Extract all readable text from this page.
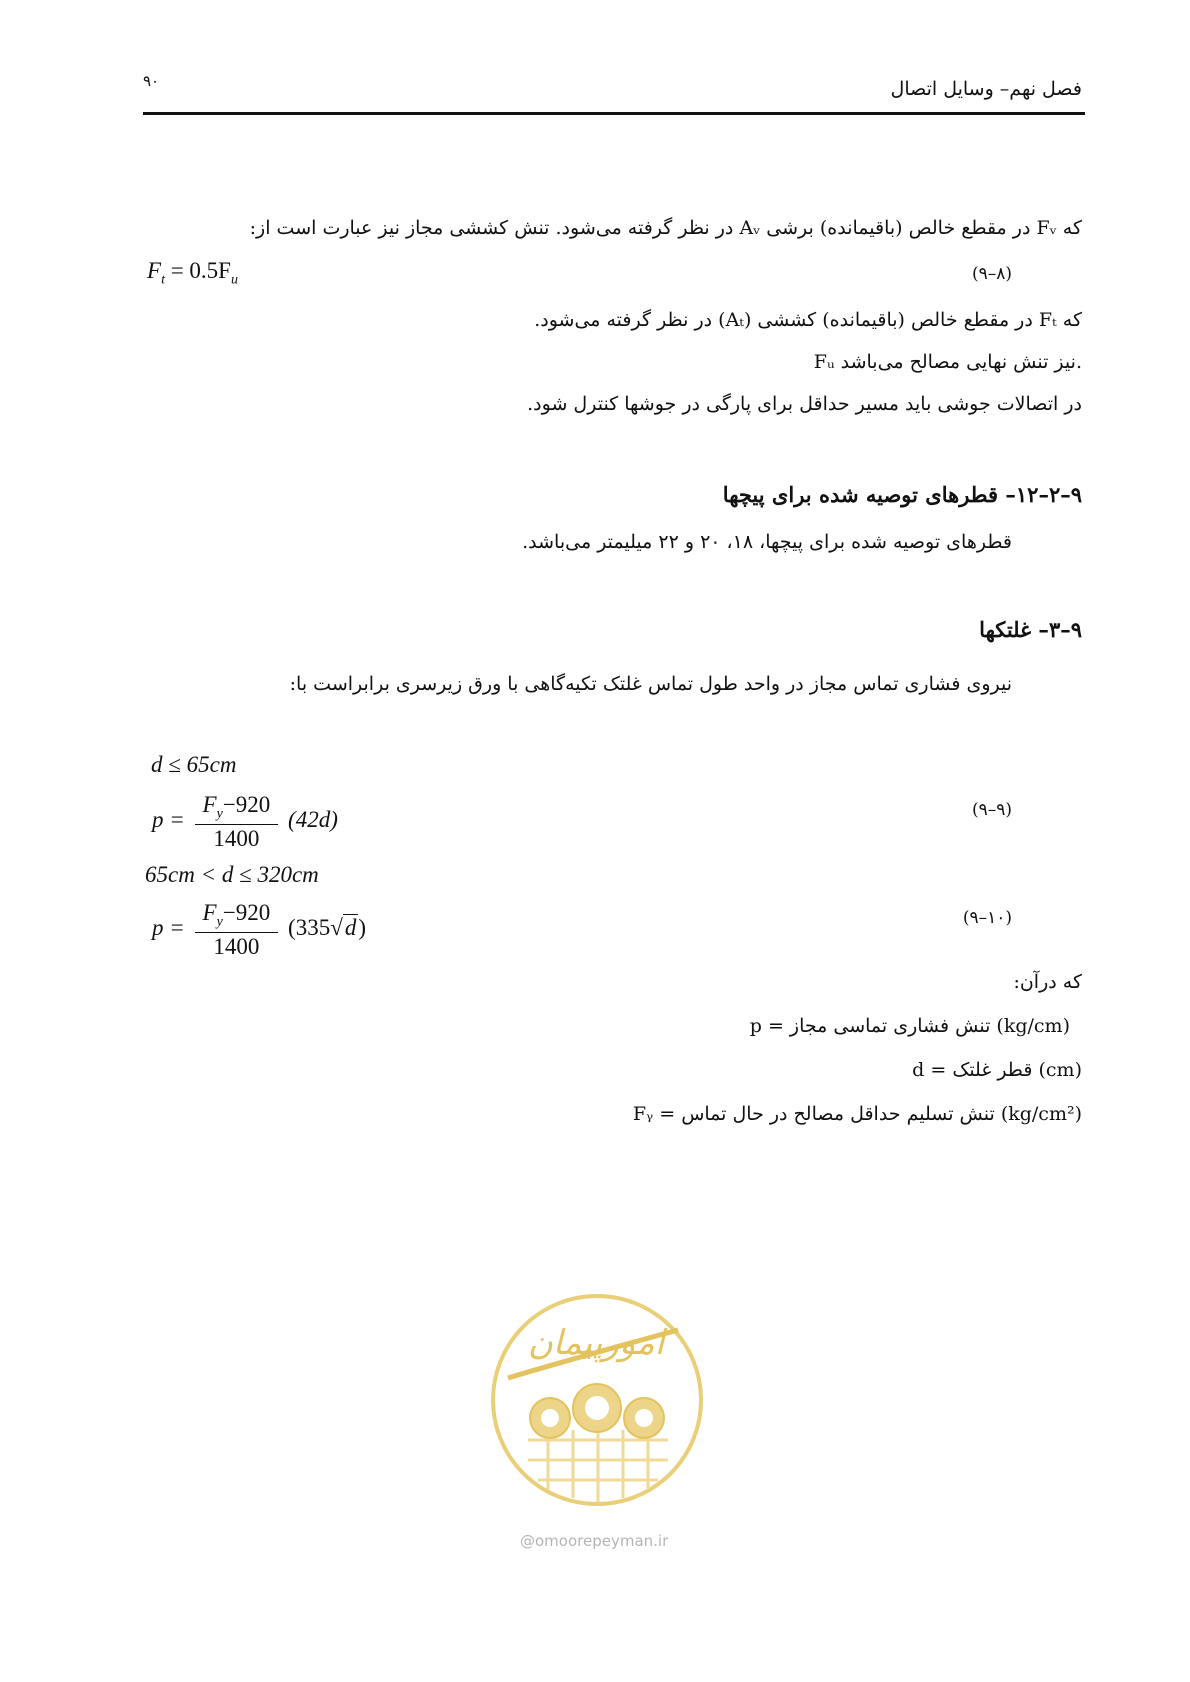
۹۰	فصل نهم– وسایل اتصال
که Fᵥ در مقطع خالص (باقیمانده) برشی Aᵥ در نظر گرفته می‌شود. تنش کششی مجاز نیز عبارت است از:
$F_t = 0.5F_u$	(۹–۸)
که Fₜ در مقطع خالص (باقیمانده) کششی (Aₜ) در نظر گرفته می‌شود.
Fᵤ نیز تنش نهایی مصالح می‌باشد.
در اتصالات جوشی باید مسیر حداقل برای پارگی در جوشها کنترل شود.
۹–۲–۱۲– قطرهای توصیه شده برای پیچها
قطرهای توصیه شده برای پیچها، ۱۸، ۲۰ و ۲۲ میلیمتر می‌باشد.
۹–۳– غلتکها
نیروی فشاری تماس مجاز در واحد طول تماس غلتک تکیه‌گاهی با ورق زیرسری برابراست با:
d ≤ 65cm
$p = \frac{F_y-920}{1400} (42d)$	(۹–۹)
65cm < d ≤ 320cm
$p = \frac{F_y-920}{1400} (335√d)$	(۹–۱۰)
که درآن:
p = تنش فشاری تماسی مجاز (kg/cm)
d = قطر غلتک (cm)
Fᵧ = تنش تسلیم حداقل مصالح در حال تماس (kg/cm²)
امورپیمان
@omoorepeyman.ir
